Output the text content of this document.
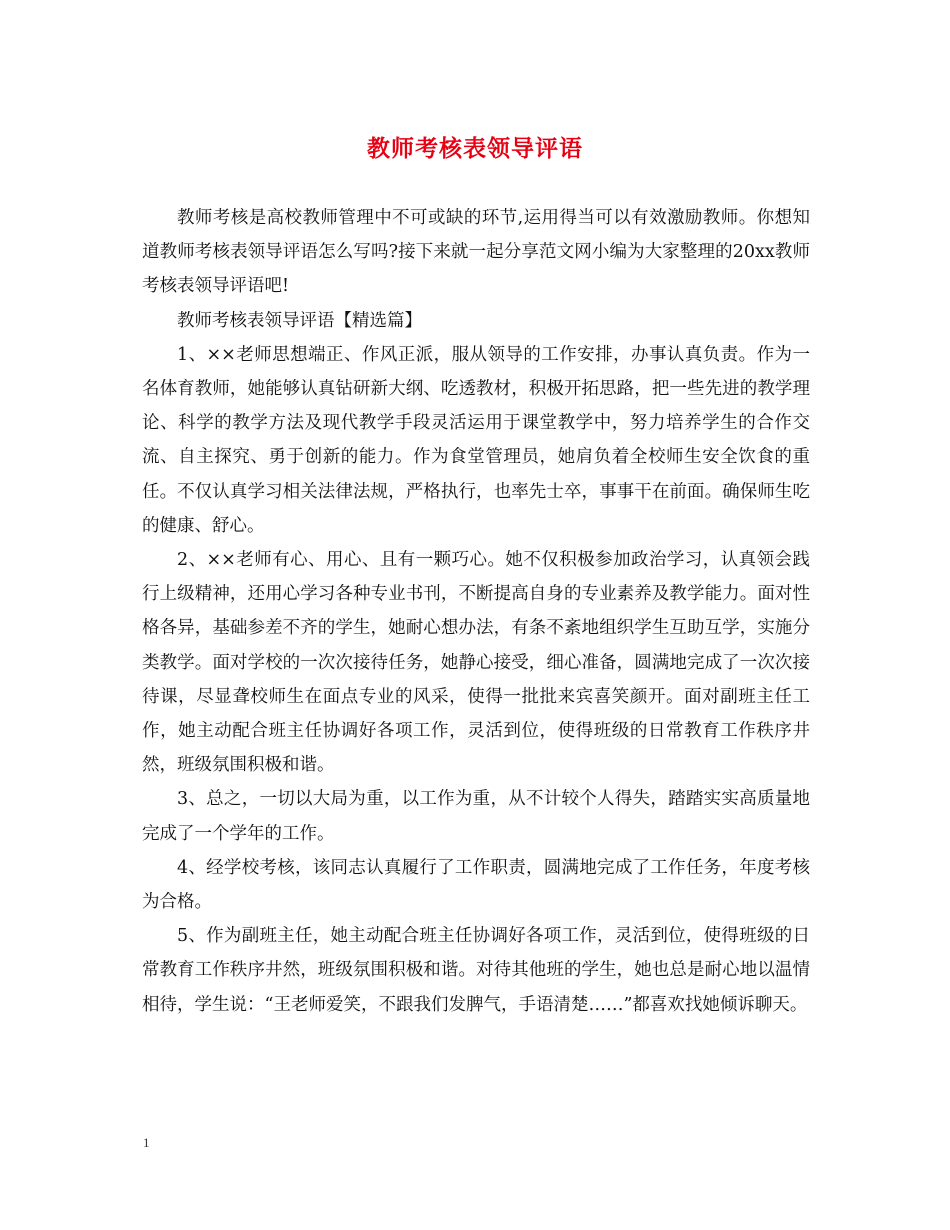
教师考核表领导评语

教师考核是高校教师管理中不可或缺的环节,运用得当可以有效激励教师。你想知道教师考核表领导评语怎么写吗?接下来就一起分享范文网小编为大家整理的20xx教师考核表领导评语吧!

教师考核表领导评语【精选篇】

1、××老师思想端正、作风正派，服从领导的工作安排，办事认真负责。作为一名体育教师，她能够认真钻研新大纲、吃透教材，积极开拓思路，把一些先进的教学理论、科学的教学方法及现代教学手段灵活运用于课堂教学中，努力培养学生的合作交流、自主探究、勇于创新的能力。作为食堂管理员，她肩负着全校师生安全饮食的重任。不仅认真学习相关法律法规，严格执行，也率先士卒，事事干在前面。确保师生吃的健康、舒心。

2、××老师有心、用心、且有一颗巧心。她不仅积极参加政治学习，认真领会践行上级精神，还用心学习各种专业书刊，不断提高自身的专业素养及教学能力。面对性格各异，基础参差不齐的学生，她耐心想办法，有条不紊地组织学生互助互学，实施分类教学。面对学校的一次次接待任务，她静心接受，细心准备，圆满地完成了一次次接待课，尽显聋校师生在面点专业的风采，使得一批批来宾喜笑颜开。面对副班主任工作，她主动配合班主任协调好各项工作，灵活到位，使得班级的日常教育工作秩序井然，班级氛围积极和谐。

3、总之，一切以大局为重，以工作为重，从不计较个人得失，踏踏实实高质量地完成了一个学年的工作。

4、经学校考核，该同志认真履行了工作职责，圆满地完成了工作任务，年度考核为合格。

5、作为副班主任，她主动配合班主任协调好各项工作，灵活到位，使得班级的日常教育工作秩序井然，班级氛围积极和谐。对待其他班的学生，她也总是耐心地以温情相待，学生说：“王老师爱笑，不跟我们发脾气，手语清楚……”都喜欢找她倾诉聊天。

1
